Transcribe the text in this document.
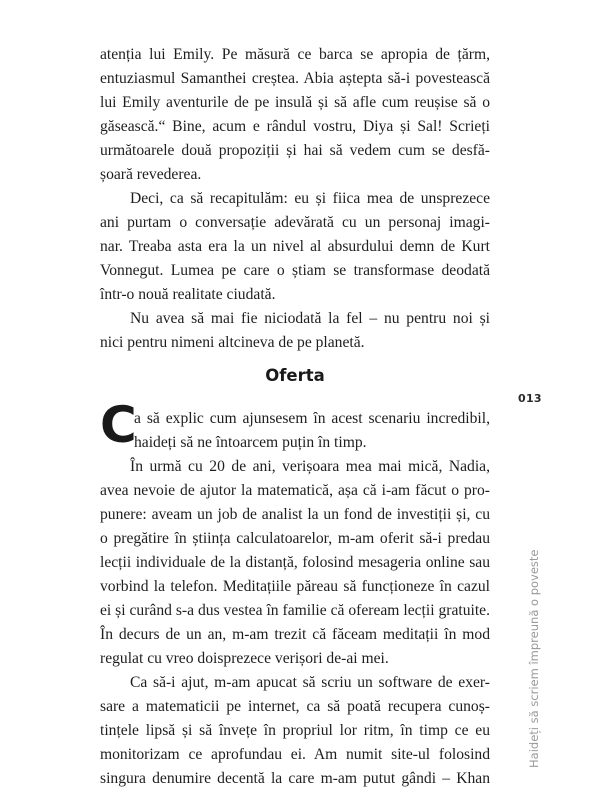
atenția lui Emily. Pe măsură ce barca se apropia de țărm,
entuziasmul Samanthei creștea. Abia aștepta să-i povestească
lui Emily aventurile de pe insulă și să afle cum reușise să o
găsească.“ Bine, acum e rândul vostru, Diya și Sal! Scrieți
următoarele două propoziții și hai să vedem cum se desfă-
șoară revederea.
Deci, ca să recapitulăm: eu și fiica mea de unsprezece
ani purtam o conversație adevărată cu un personaj imagi-
nar. Treaba asta era la un nivel al absurdului demn de Kurt
Vonnegut. Lumea pe care o știam se transformase deodată
într-o nouă realitate ciudată.
Nu avea să mai fie niciodată la fel – nu pentru noi și
nici pentru nimeni altcineva de pe planetă.
Oferta
013
C
a să explic cum ajunsesem în acest scenariu incredibil,
haideți să ne întoarcem puțin în timp.
În urmă cu 20 de ani, verișoara mea mai mică, Nadia,
avea nevoie de ajutor la matematică, așa că i-am făcut o pro-
punere: aveam un job de analist la un fond de investiții și, cu
o pregătire în știința calculatoarelor, m-am oferit să-i predau
lecții individuale de la distanță, folosind mesageria online sau
vorbind la telefon. Meditațiile păreau să funcționeze în cazul
ei și curând s-a dus vestea în familie că ofeream lecții gratuite.
În decurs de un an, m-am trezit că făceam meditații în mod
regulat cu vreo doisprezece verișori de-ai mei.
Ca să-i ajut, m-am apucat să scriu un software de exer-
sare a matematicii pe internet, ca să poată recupera cunoș-
tințele lipsă și să învețe în propriul lor ritm, în timp ce eu
monitorizam ce aprofundau ei. Am numit site-ul folosind
singura denumire decentă la care m-am putut gândi – Khan
Haideți să scriem împreună o poveste
